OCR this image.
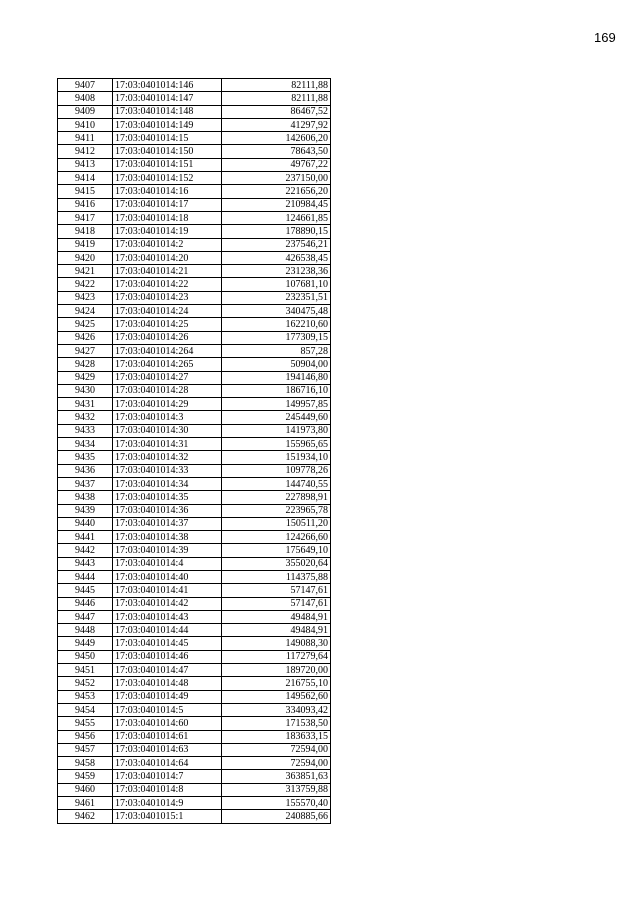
169
9407	17:03:0401014:146	82111,88
9408	17:03:0401014:147	82111,88
9409	17:03:0401014:148	86467,52
9410	17:03:0401014:149	41297,92
9411	17:03:0401014:15	142606,20
9412	17:03:0401014:150	78643,50
9413	17:03:0401014:151	49767,22
9414	17:03:0401014:152	237150,00
9415	17:03:0401014:16	221656,20
9416	17:03:0401014:17	210984,45
9417	17:03:0401014:18	124661,85
9418	17:03:0401014:19	178890,15
9419	17:03:0401014:2	237546,21
9420	17:03:0401014:20	426538,45
9421	17:03:0401014:21	231238,36
9422	17:03:0401014:22	107681,10
9423	17:03:0401014:23	232351,51
9424	17:03:0401014:24	340475,48
9425	17:03:0401014:25	162210,60
9426	17:03:0401014:26	177309,15
9427	17:03:0401014:264	857,28
9428	17:03:0401014:265	50904,00
9429	17:03:0401014:27	194146,80
9430	17:03:0401014:28	186716,10
9431	17:03:0401014:29	149957,85
9432	17:03:0401014:3	245449,60
9433	17:03:0401014:30	141973,80
9434	17:03:0401014:31	155965,65
9435	17:03:0401014:32	151934,10
9436	17:03:0401014:33	109778,26
9437	17:03:0401014:34	144740,55
9438	17:03:0401014:35	227898,91
9439	17:03:0401014:36	223965,78
9440	17:03:0401014:37	150511,20
9441	17:03:0401014:38	124266,60
9442	17:03:0401014:39	175649,10
9443	17:03:0401014:4	355020,64
9444	17:03:0401014:40	114375,88
9445	17:03:0401014:41	57147,61
9446	17:03:0401014:42	57147,61
9447	17:03:0401014:43	49484,91
9448	17:03:0401014:44	49484,91
9449	17:03:0401014:45	149088,30
9450	17:03:0401014:46	117279,64
9451	17:03:0401014:47	189720,00
9452	17:03:0401014:48	216755,10
9453	17:03:0401014:49	149562,60
9454	17:03:0401014:5	334093,42
9455	17:03:0401014:60	171538,50
9456	17:03:0401014:61	183633,15
9457	17:03:0401014:63	72594,00
9458	17:03:0401014:64	72594,00
9459	17:03:0401014:7	363851,63
9460	17:03:0401014:8	313759,88
9461	17:03:0401014:9	155570,40
9462	17:03:0401015:1	240885,66
